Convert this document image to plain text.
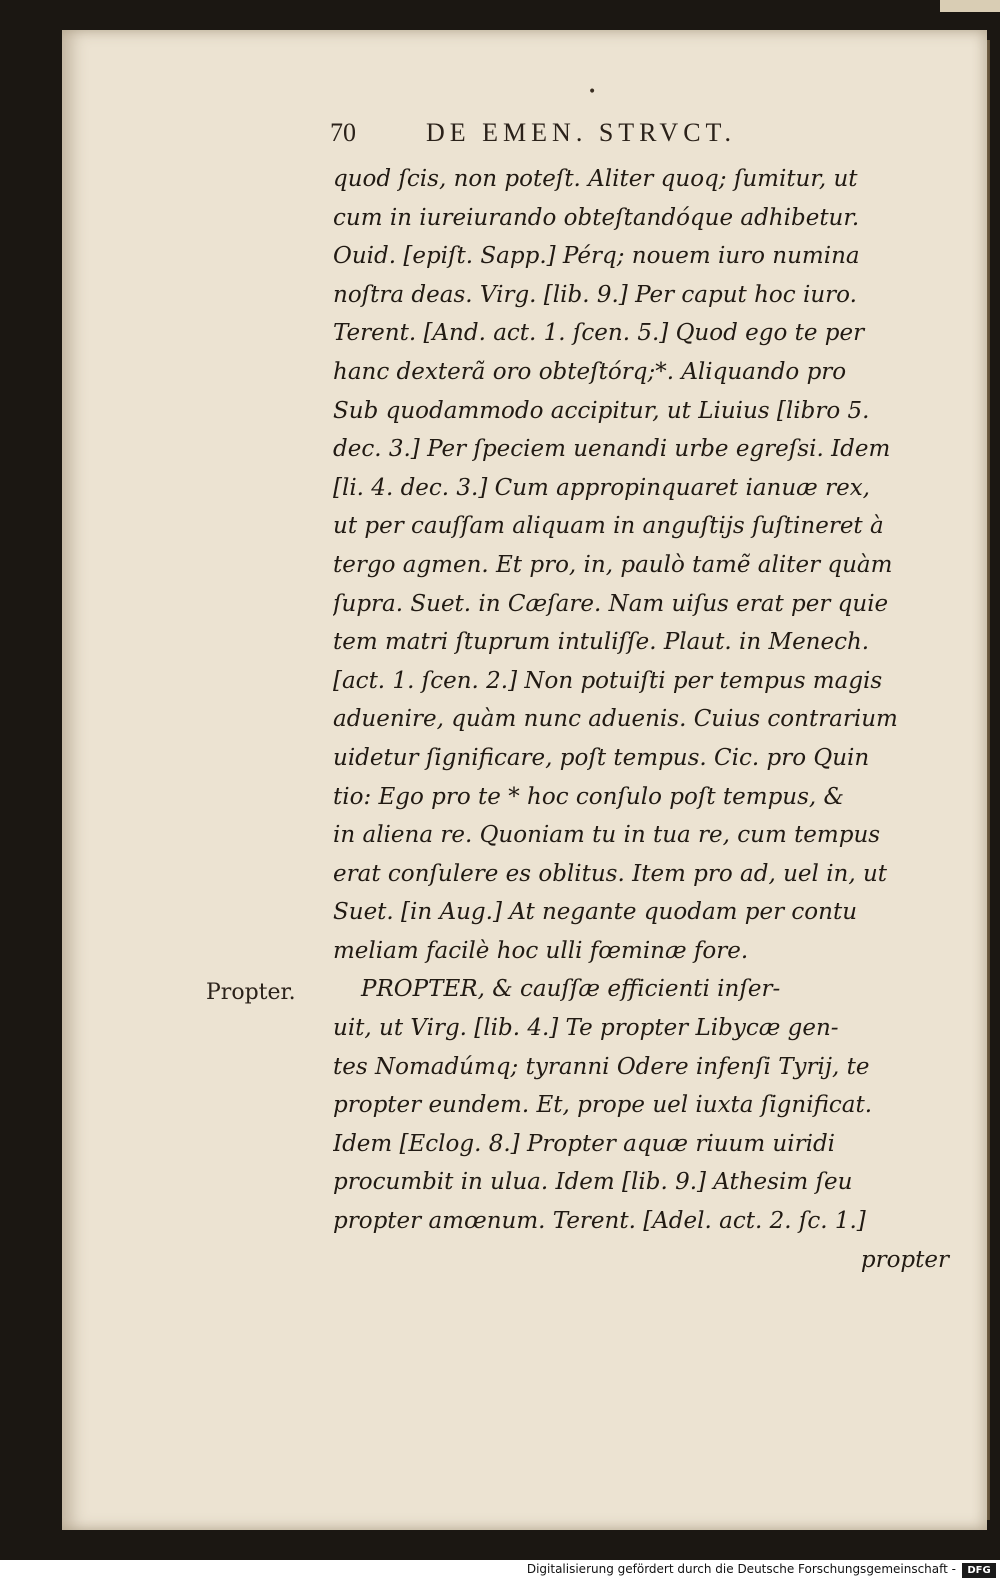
•
70	DE EMEN. STRVCT.
quod ſcis, non poteſt. Aliter quoq; ſumitur, ut
cum in iureiurando obteſtandóque adhibetur.
Ouid. [epiſt. Sapp.] Pérq; nouem iuro numina
noſtra deas. Virg. [lib. 9.] Per caput hoc iuro.
Terent. [And. act. 1. ſcen. 5.] Quod ego te per
hanc dexterã oro obteſtórq;*. Aliquando pro
Sub quodammodo accipitur, ut Liuius [libro 5.
dec. 3.] Per ſpeciem uenandi urbe egreſsi. Idem
[li. 4. dec. 3.] Cum appropinquaret ianuæ rex,
ut per cauſſam aliquam in anguſtijs ſuſtineret à
tergo agmen. Et pro, in, paulò tamẽ aliter quàm
ſupra. Suet. in Cæſare. Nam uiſus erat per quie
tem matri ſtuprum intuliſſe. Plaut. in Menech.
[act. 1. ſcen. 2.] Non potuiſti per tempus magis
aduenire, quàm nunc aduenis. Cuius contrarium
uidetur ſignificare, poſt tempus. Cic. pro Quin
tio: Ego pro te * hoc conſulo poſt tempus, &
in aliena re. Quoniam tu in tua re, cum tempus
erat conſulere es oblitus. Item pro ad, uel in, ut
Suet. [in Aug.] At negante quodam per contu
meliam facilè hoc ulli fœminæ fore.
PROPTER, & cauſſæ efficienti inſer-
uit, ut Virg. [lib. 4.] Te propter Libycæ gen-
tes Nomadúmq; tyranni Odere infenſi Tyrij, te
propter eundem. Et, prope uel iuxta ſignificat.
Idem [Eclog. 8.] Propter aquæ riuum uiridi
procumbit in ulua. Idem [lib. 9.] Athesim ſeu
propter amœnum. Terent. [Adel. act. 2. ſc. 1.]
propter
Propter.
Digitalisierung gefördert durch die Deutsche Forschungsgemeinschaft -	DFG
